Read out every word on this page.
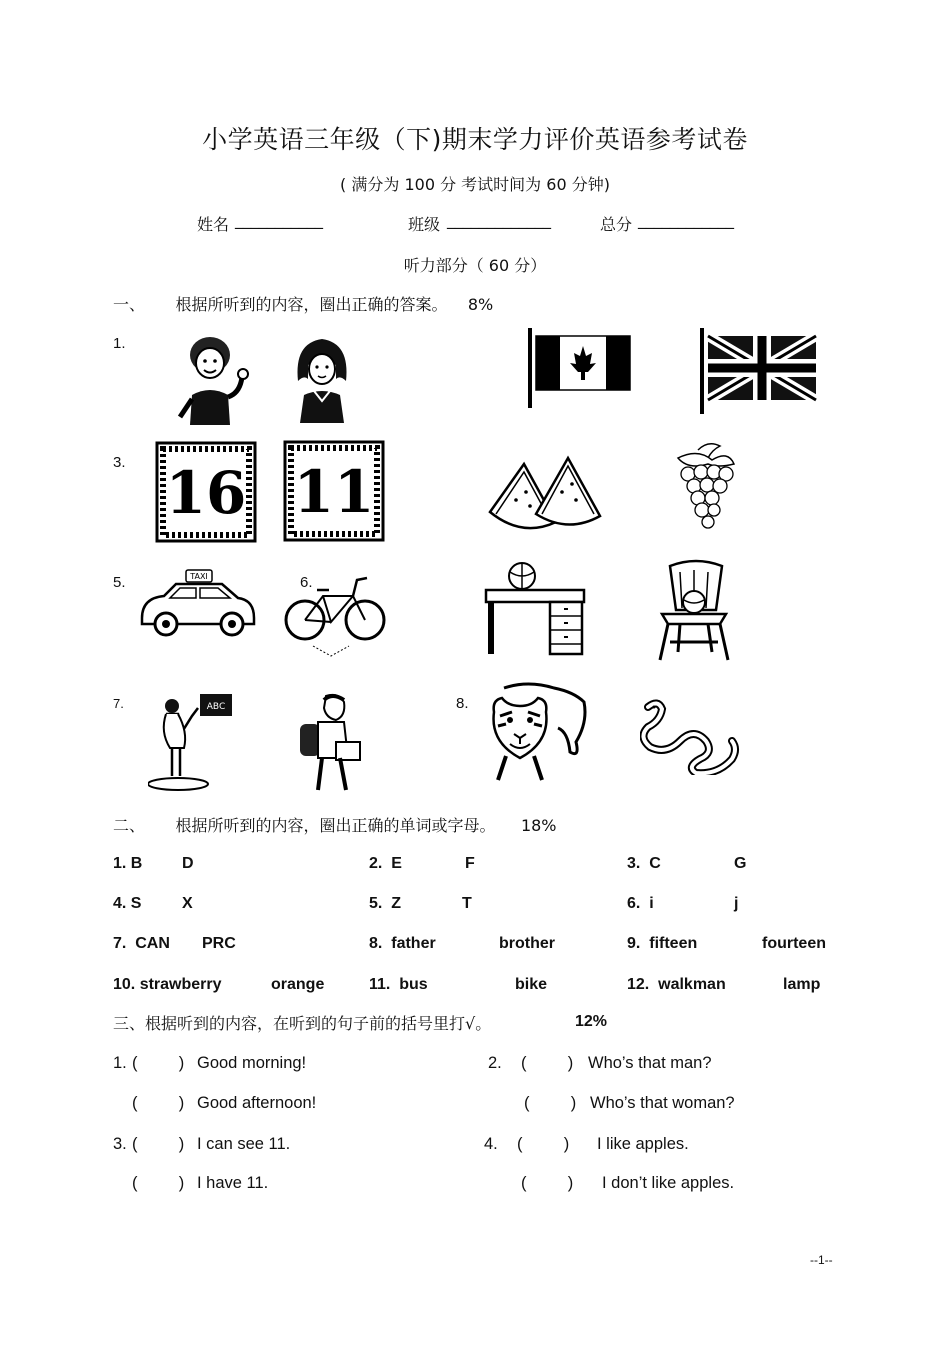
小学英语三年级（下)期末学力评价英语参考试卷
( 满分为 100 分 考试时间为 60 分钟)
姓名 ___________	班级 _____________	总分 ____________
听力部分（ 60 分）
一、      根据所听到的内容，圈出正确的答案。    8%
1.
3.
5.	6.
7.	8.
16 11
TAXI
ABC
二、      根据所听到的内容，圈出正确的单词或字母。     18%
1. B D	2.  E	F	3.  C	G
4. S	X	5.  Z	T	6.  i	j
7.  CAN PRC	8.  father	brother	9.  fifteen	fourteen
10. strawberry	orange	11.  bus	bike	12.  walkman	lamp
三、根据听到的内容，在听到的句子前的括号里打√。	12%
1. (         ) Good morning!
(         ) Good afternoon!
2. (         ) Who’s that man?
(         ) Who’s that woman?
3. (         ) I can see 11.
(         ) I have 11.
4. (         ) I like apples.
(         ) I don’t like apples.
--1--
